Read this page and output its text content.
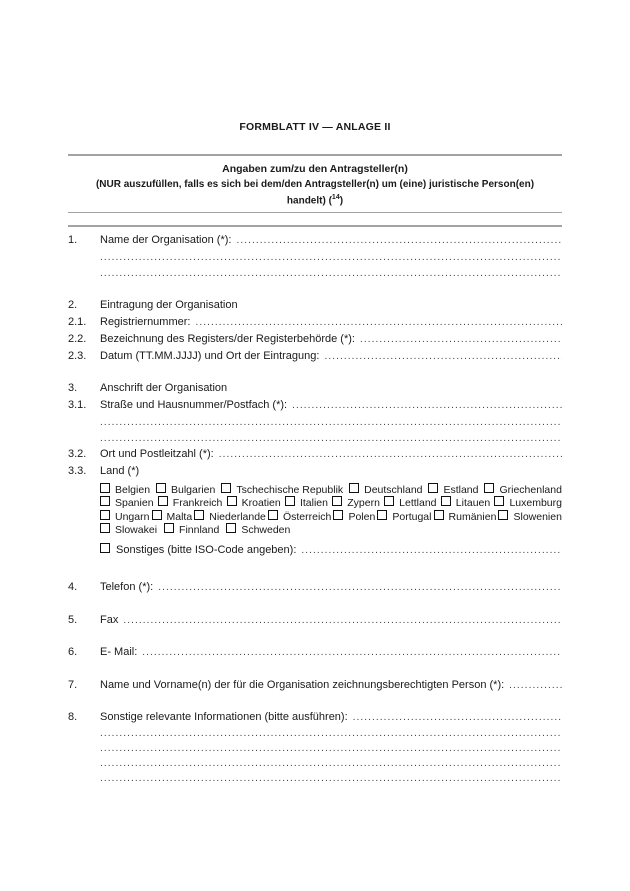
FORMBLATT IV — ANLAGE II
Angaben zum/zu den Antragsteller(n)
(NUR auszufüllen, falls es sich bei dem/den Antragsteller(n) um (eine) juristische Person(en)
handelt) ($^{14}$)
1.	Name der Organisation (*):
.....
.....
.....
2.	Eintragung der Organisation
2.1.	Registriernummer:
.....
2.2.	Bezeichnung des Registers/der Registerbehörde (*):
.....
2.3.	Datum (TT.MM.JJJJ) und Ort der Eintragung:
.....
3.	Anschrift der Organisation
3.1.	Straße und Hausnummer/Postfach (*):
.....
.....
.....
3.2.	Ort und Postleitzahl (*):
.....
3.3.	Land (*)
Belgien	Bulgarien	Tschechische Republik	Deutschland	Estland	Griechenland
Spanien	Frankreich	Kroatien	Italien	Zypern	Lettland	Litauen	Luxemburg
Ungarn	Malta	Niederlande	Österreich	Polen	Portugal	Rumänien	Slowenien
Slowakei	Finnland	Schweden
Sonstiges (bitte ISO-Code angeben):
.....
4.	Telefon (*):
.....
5.	Fax
.....
6.	E- Mail:
.....
7.	Name und Vorname(n) der für die Organisation zeichnungsberechtigten Person (*):
.....
8.	Sonstige relevante Informationen (bitte ausführen):
.....
.....
.....
.....
.....
